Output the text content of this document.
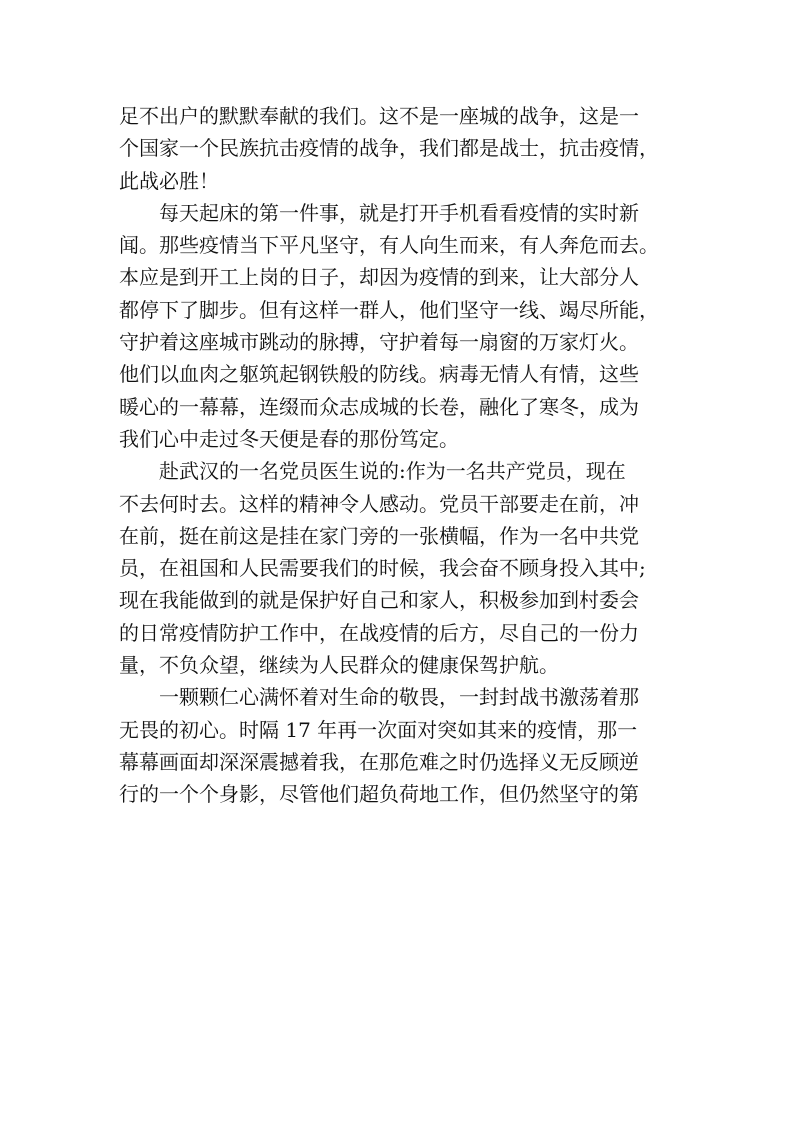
足不出户的默默奉献的我们。这不是一座城的战争，这是一
个国家一个民族抗击疫情的战争，我们都是战士，抗击疫情，
此战必胜！
　　每天起床的第一件事，就是打开手机看看疫情的实时新
闻。那些疫情当下平凡坚守，有人向生而来，有人奔危而去。
本应是到开工上岗的日子，却因为疫情的到来，让大部分人
都停下了脚步。但有这样一群人，他们坚守一线、竭尽所能，
守护着这座城市跳动的脉搏，守护着每一扇窗的万家灯火。
他们以血肉之躯筑起钢铁般的防线。病毒无情人有情，这些
暖心的一幕幕，连缀而众志成城的长卷，融化了寒冬，成为
我们心中走过冬天便是春的那份笃定。
　　赴武汉的一名党员医生说的:作为一名共产党员，现在
不去何时去。这样的精神令人感动。党员干部要走在前，冲
在前，挺在前这是挂在家门旁的一张横幅，作为一名中共党
员，在祖国和人民需要我们的时候，我会奋不顾身投入其中;
现在我能做到的就是保护好自己和家人，积极参加到村委会
的日常疫情防护工作中，在战疫情的后方，尽自己的一份力
量，不负众望，继续为人民群众的健康保驾护航。
　　一颗颗仁心满怀着对生命的敬畏，一封封战书激荡着那
无畏的初心。时隔 17 年再一次面对突如其来的疫情，那一
幕幕画面却深深震撼着我，在那危难之时仍选择义无反顾逆
行的一个个身影，尽管他们超负荷地工作，但仍然坚守的第
